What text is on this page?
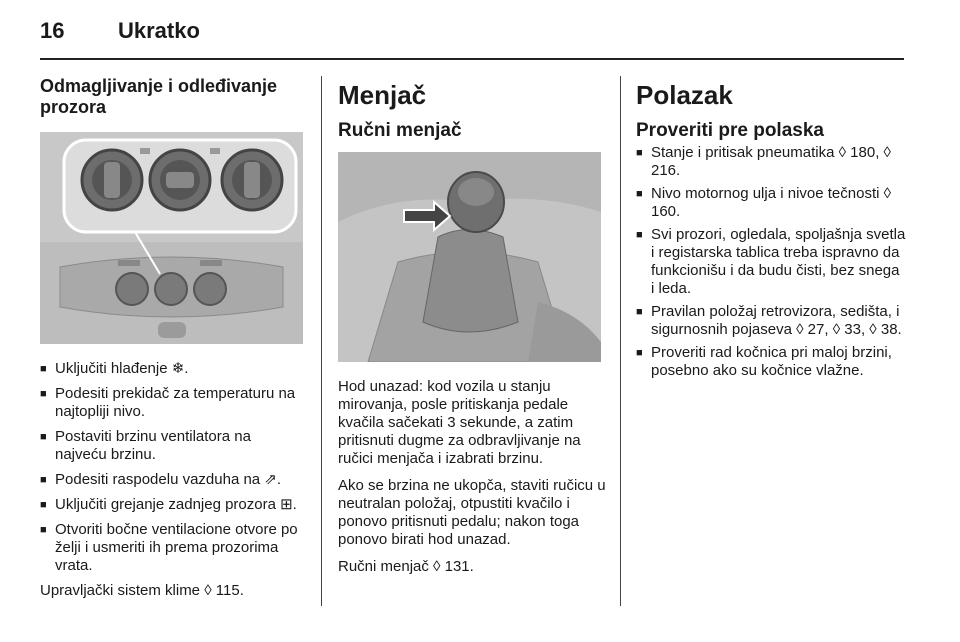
16 Ukratko
Odmagljivanje i odleđivanje prozora
■ Uključiti hlađenje ❄.
■ Podesiti prekidač za temperaturu na najtopliji nivo.
■ Postaviti brzinu ventilatora na najveću brzinu.
■ Podesiti raspodelu vazduha na ⇗.
■ Uključiti grejanje zadnjeg prozora ⊞.
■ Otvoriti bočne ventilacione otvore po želji i usmeriti ih prema prozorima vrata.

Upravljački sistem klime ◊ 115.

Menjač
Ručni menjač

Hod unazad: kod vozila u stanju mirovanja, posle pritiskanja pedale kvačila sačekati 3 sekunde, a zatim pritisnuti dugme za odbravljivanje na ručici menjača i izabrati brzinu.

Ako se brzina ne ukopča, staviti ručicu u neutralan položaj, otpustiti kvačilo i ponovo pritisnuti pedalu; nakon toga ponovo birati hod unazad.

Ručni menjač ◊ 131.

Polazak
Proveriti pre polaska
■ Stanje i pritisak pneumatika ◊ 180, ◊ 216.
■ Nivo motornog ulja i nivoe tečnosti ◊ 160.
■ Svi prozori, ogledala, spoljašnja svetla i registarska tablica treba ispravno da funkcionišu i da budu čisti, bez snega i leda.
■ Pravilan položaj retrovizora, sedišta, i sigurnosnih pojaseva ◊ 27, ◊ 33, ◊ 38.
■ Proveriti rad kočnica pri maloj brzini, posebno ako su kočnice vlažne.
